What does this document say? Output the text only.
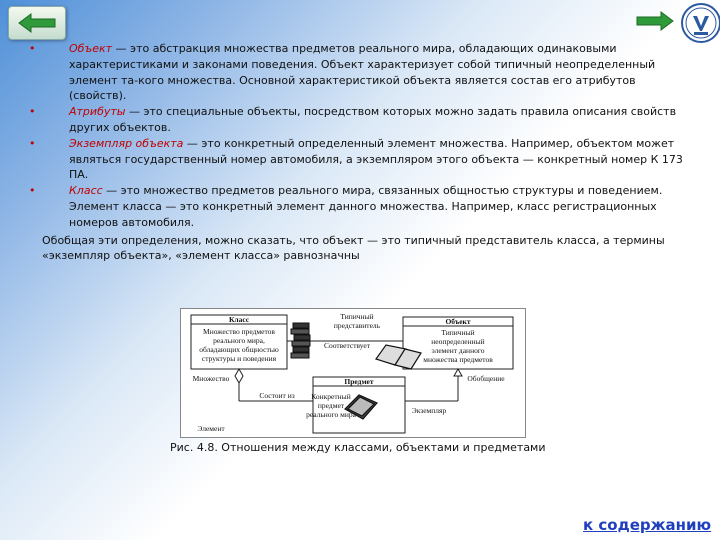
•	Объект — это абстракция множества предметов реального мира, обладающих одинаковыми характеристиками и законами поведения. Объект характеризует собой типичный неопределенный элемент та-кого множества. Основной характеристикой объекта является состав его атрибутов (свойств).

•	Атрибуты — это специальные объекты, посредством которых можно задать правила описания свойств других объектов.

•	Экземпляр объекта — это конкретный определенный элемент множества. Например, объектом может являться государственный номер автомобиля, а экземпляром этого объекта — конкретный номер К 173 ПА.

•	Класс — это множество предметов реального мира, связанных общностью структуры и поведением. Элемент класса — это конкретный элемент данного множества. Например, класс регистрационных номеров автомобиля.

Обобщая эти определения, можно сказать, что объект — это типичный представитель класса, а термины «экземпляр объекта», «элемент класса» равнозначны

Класс
Множество предметов
реального мира,
обладающих общностью
структуры и поведения
Типичный
представитель
Соответствует
Объект
Типичный
неопределенный
элемент данного
множества предметов
Множество
Состоит из
Элемент
Предмет
Конкретный
предмет
реального мира
Обобщение
Экземпляр
Рис. 4.8. Отношения между классами, объектами и предметами
к содержанию
